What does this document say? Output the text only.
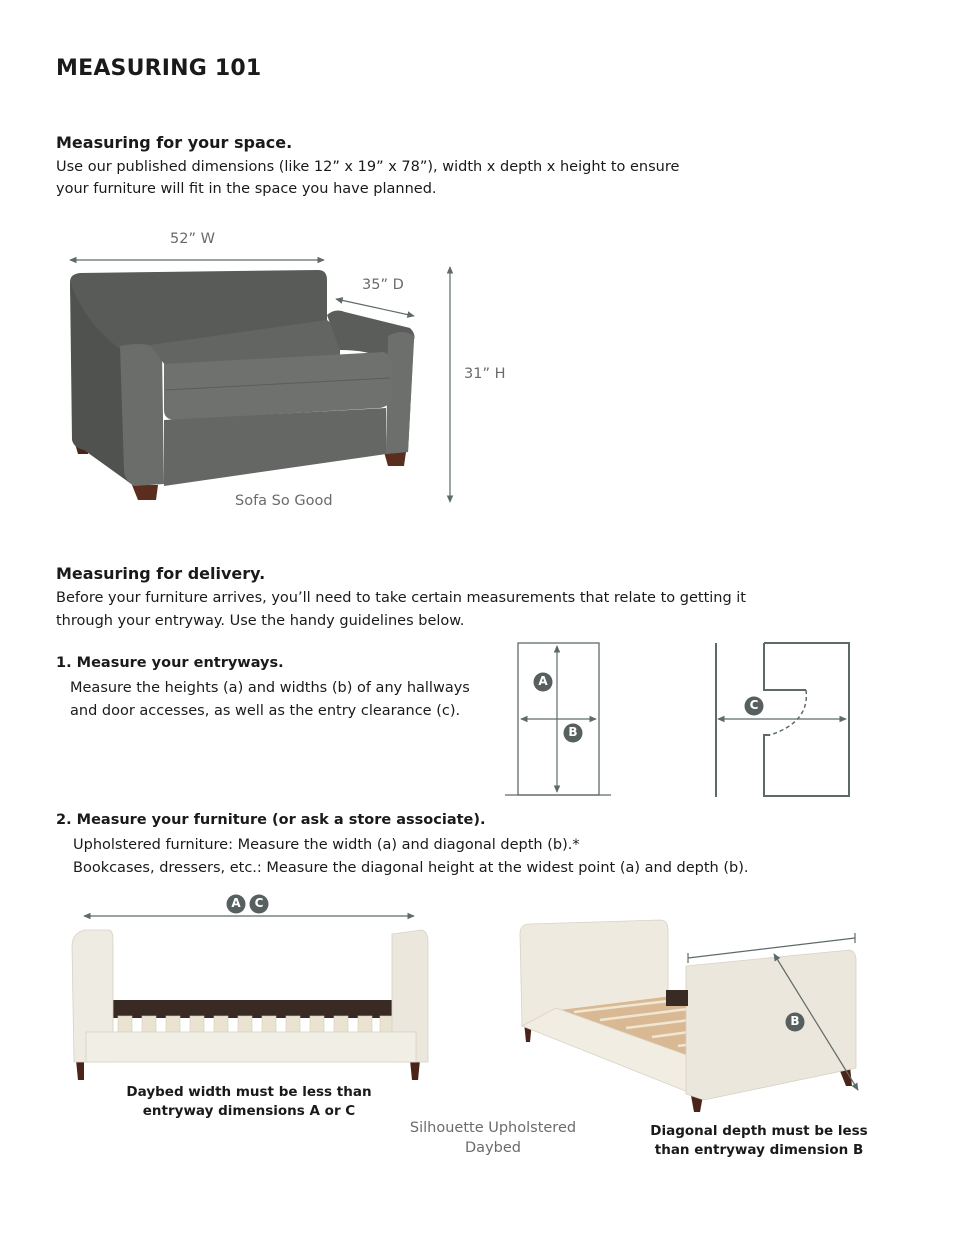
MEASURING 101
Measuring for your space.
Use our published dimensions (like 12” x 19” x 78”), width x depth x height to ensure
your furniture will fit in the space you have planned.
52” W
35” D
31” H
Sofa So Good
Measuring for delivery.
Before your furniture arrives, you’ll need to take certain measurements that relate to getting it
through your entryway. Use the handy guidelines below.
1. Measure your entryways.
Measure the heights (a) and widths (b) of any hallways
and door accesses, as well as the entry clearance (c).
A
B
C
2. Measure your furniture (or ask a store associate).
Upholstered furniture: Measure the width (a) and diagonal depth (b).*
Bookcases, dressers, etc.: Measure the diagonal height at the widest point (a) and depth (b).
A	C
B
Daybed width must be less than
entryway dimensions A or C
Silhouette Upholstered
Daybed
Diagonal depth must be less
than entryway dimension B
